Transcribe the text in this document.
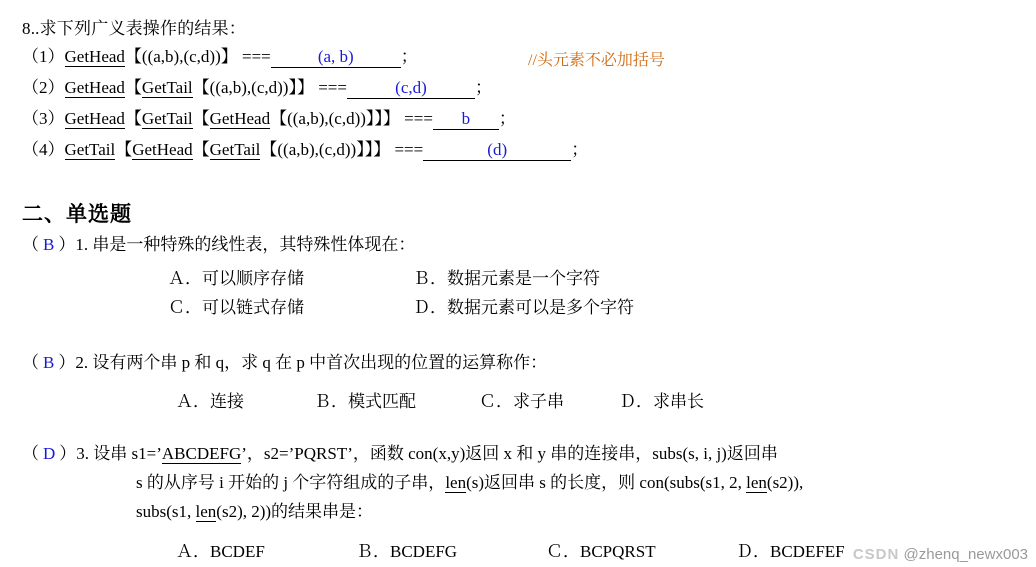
8..求下列广义表操作的结果：
//头元素不必加括号
（1）GetHead【((a,b),(c,d))】 ===	(a, b)	；
（2）GetHead【GetTail【((a,b),(c,d))】】 ===	(c,d)	；
（3）GetHead【GetTail【GetHead【((a,b),(c,d))】】】 === b ；
（4）GetTail【GetHead【GetTail【((a,b),(c,d))】】】 ===	(d)	；
二、单选题
（ B ）1. 串是一种特殊的线性表，其特殊性体现在：
Ａ．可以顺序存储	Ｂ．数据元素是一个字符
Ｃ．可以链式存储	Ｄ．数据元素可以是多个字符
（ B ）2. 设有两个串 p 和 q，求 q 在 p 中首次出现的位置的运算称作：
Ａ．连接	Ｂ．模式匹配	Ｃ．求子串	Ｄ．求串长
（ D ）3. 设串 s1=’ABCDEFG’，s2=’PQRST’，函数 con(x,y)返回 x 和 y 串的连接串，subs(s, i, j)返回串
s 的从序号 i 开始的 j 个字符组成的子串，len(s)返回串 s 的长度，则 con(subs(s1, 2, len(s2)),
subs(s1, len(s2), 2))的结果串是：
Ａ．BCDEF	Ｂ．BCDEFG	Ｃ．BCPQRST	Ｄ．BCDEFEF CSDN @zhenq_newx003
